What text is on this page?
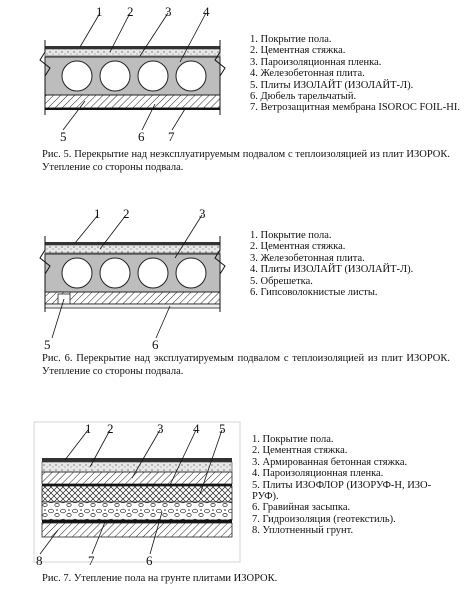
1 2 3 4
5	6 7
1. Покрытие пола.
2. Цементная стяжка.
3. Пароизоляционная пленка.
4. Железобетонная плита.
5. Плиты ИЗОЛАЙТ (ИЗОЛАЙТ-Л).
6. Дюбель тарельчатый.
7. Ветрозащитная мембрана ISOROC FOIL-HI.
Рис. 5. Перекрытие над неэксплуатируемым подвалом с теплоизоляцией из плит ИЗОРОК. Утепление со стороны подвала.
1 2	3
5	6
1. Покрытие пола.
2. Цементная стяжка.
3. Железобетонная плита.
4. Плиты ИЗОЛАЙТ (ИЗОЛАЙТ-Л).
5. Обрешетка.
6. Гипсоволокнистые листы.
Рис. 6. Перекрытие над эксплуатируемым подвалом с теплоизоляцией из плит ИЗОРОК. Утепление со стороны подвала.
1 2	3 4 5
6
7
8
1. Покрытие пола.
2. Цементная стяжка.
3. Армированная бетонная стяжка.
4. Пароизоляционная пленка.
5. Плиты ИЗОФЛОР (ИЗОРУФ-Н, ИЗО-РУФ).
6. Гравийная засыпка.
7. Гидроизоляция (геотекстиль).
8. Уплотненный грунт.
Рис. 7. Утепление пола на грунте плитами ИЗОРОК.
